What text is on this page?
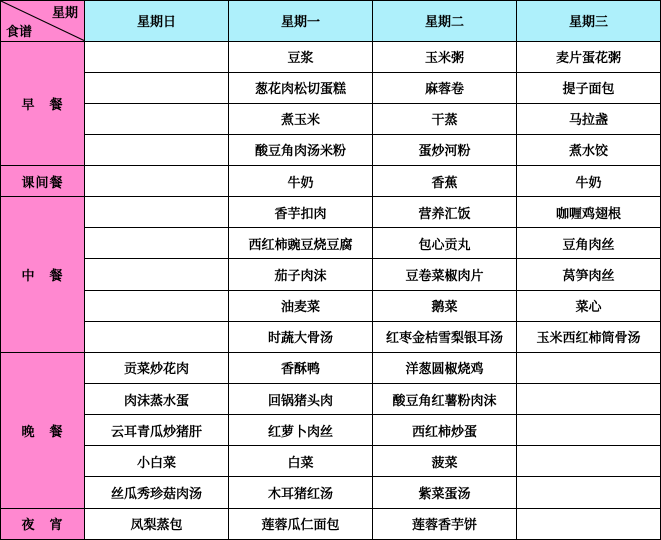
星期
食谱	星期日	星期一	星期二	星期三
早　餐		豆浆	玉米粥	麦片蛋花粥
		葱花肉松切蛋糕	麻蓉卷	提子面包
		煮玉米	干蒸	马拉盏
		酸豆角肉汤米粉	蛋炒河粉	煮水饺
课间餐		牛奶	香蕉	牛奶
中　餐		香芋扣肉	营养汇饭	咖喱鸡翅根
		西红柿豌豆烧豆腐	包心贡丸	豆角肉丝
		茄子肉沫	豆卷菜椒肉片	莴笋肉丝
		油麦菜	鹅菜	菜心
		时蔬大骨汤	红枣金桔雪梨银耳汤	玉米西红柿筒骨汤
晚　餐	贡菜炒花肉	香酥鸭	洋葱圆椒烧鸡	
	肉沫蒸水蛋	回锅猪头肉	酸豆角红薯粉肉沫	
	云耳青瓜炒猪肝	红萝卜肉丝	西红柿炒蛋	
	小白菜	白菜	菠菜	
	丝瓜秀珍菇肉汤	木耳猪红汤	紫菜蛋汤	
夜　宵	凤梨蒸包	莲蓉瓜仁面包	莲蓉香芋饼	
